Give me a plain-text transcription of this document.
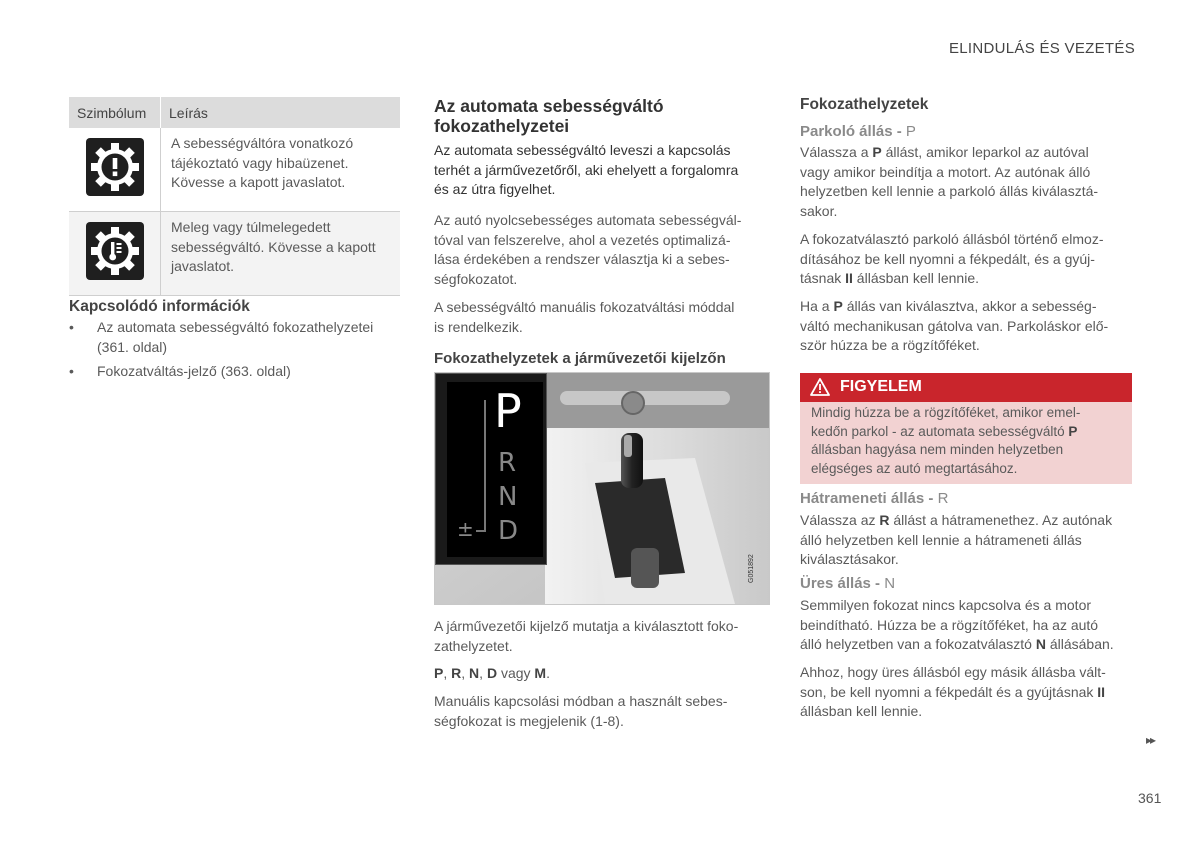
ELINDULÁS ÉS VEZETÉS
Szimbólum	Leírás

A sebességváltóra vonatkozó
tájékoztató vagy hibaüzenet.
Kövesse a kapott javaslatot.

Meleg vagy túlmelegedett
sebességváltó. Kövesse a kapott
javaslatot.
Kapcsolódó információk
• Az automata sebességváltó fokozathelyzetei
(361. oldal)
• Fokozatváltás-jelző (363. oldal)
Az automata sebességváltó
fokozathelyzetei
Az automata sebességváltó leveszi a kapcsolás
terhét a járművezetőről, aki ehelyett a forgalomra
és az útra figyelhet.
Az autó nyolcsebességes automata sebességvál-
tóval van felszerelve, ahol a vezetés optimalizá-
lása érdekében a rendszer választja ki a sebes-
ségfokozatot.
A sebességváltó manuális fokozatváltási móddal
is rendelkezik.
Fokozathelyzetek a járművezetői kijelzőn
G051892
P
R
N
D
±
A járművezetői kijelző mutatja a kiválasztott foko-
zathelyzetet.
P, R, N, D vagy M.
Manuális kapcsolási módban a használt sebes-
ségfokozat is megjelenik (1-8).
Fokozathelyzetek
Parkoló állás - P
Válassza a P állást, amikor leparkol az autóval
vagy amikor beindítja a motort. Az autónak álló
helyzetben kell lennie a parkoló állás kiválasztá-
sakor.
A fokozatválasztó parkoló állásból történő elmoz-
dításához be kell nyomni a fékpedált, és a gyúj-
tásnak II állásban kell lennie.
Ha a P állás van kiválasztva, akkor a sebesség-
váltó mechanikusan gátolva van. Parkoláskor elő-
ször húzza be a rögzítőféket.
FIGYELEM
Mindig húzza be a rögzítőféket, amikor emel-
kedőn parkol - az automata sebességváltó P
állásban hagyása nem minden helyzetben
elégséges az autó megtartásához.
Hátrameneti állás - R
Válassza az R állást a hátramenethez. Az autónak
álló helyzetben kell lennie a hátrameneti állás
kiválasztásakor.
Üres állás - N
Semmilyen fokozat nincs kapcsolva és a motor
beindítható. Húzza be a rögzítőféket, ha az autó
álló helyzetben van a fokozatválasztó N állásában.
Ahhoz, hogy üres állásból egy másik állásba vált-
son, be kell nyomni a fékpedált és a gyújtásnak II
állásban kell lennie.
▸▸
361
